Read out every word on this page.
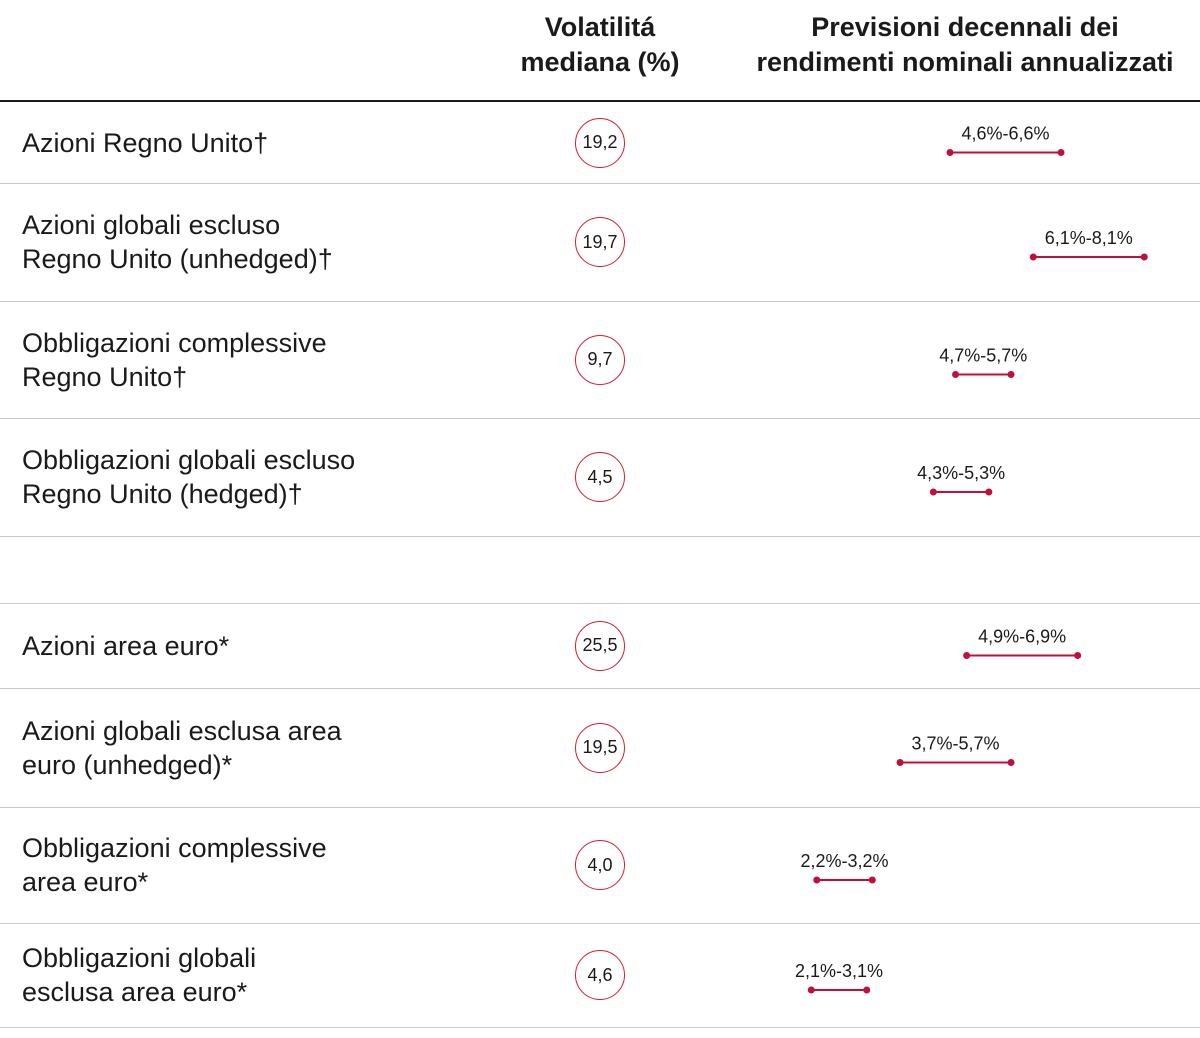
Volatilitá
mediana (%)
Previsioni decennali dei
rendimenti nominali annualizzati
Azioni Regno Unito†	19,2
Azioni globali escluso
Regno Unito (unhedged)†
19,7
Obbligazioni complessive
Regno Unito†
9,7
Obbligazioni globali escluso
Regno Unito (hedged)†
4,5
Azioni area euro*	25,5
Azioni globali esclusa area
euro (unhedged)*
19,5
Obbligazioni complessive
area euro*
4,0
Obbligazioni globali
esclusa area euro*
4,6
4,6%-6,6%
6,1%-8,1%
4,7%-5,7%
4,3%-5,3%
4,9%-6,9%
3,7%-5,7%
2,2%-3,2%
2,1%-3,1%
